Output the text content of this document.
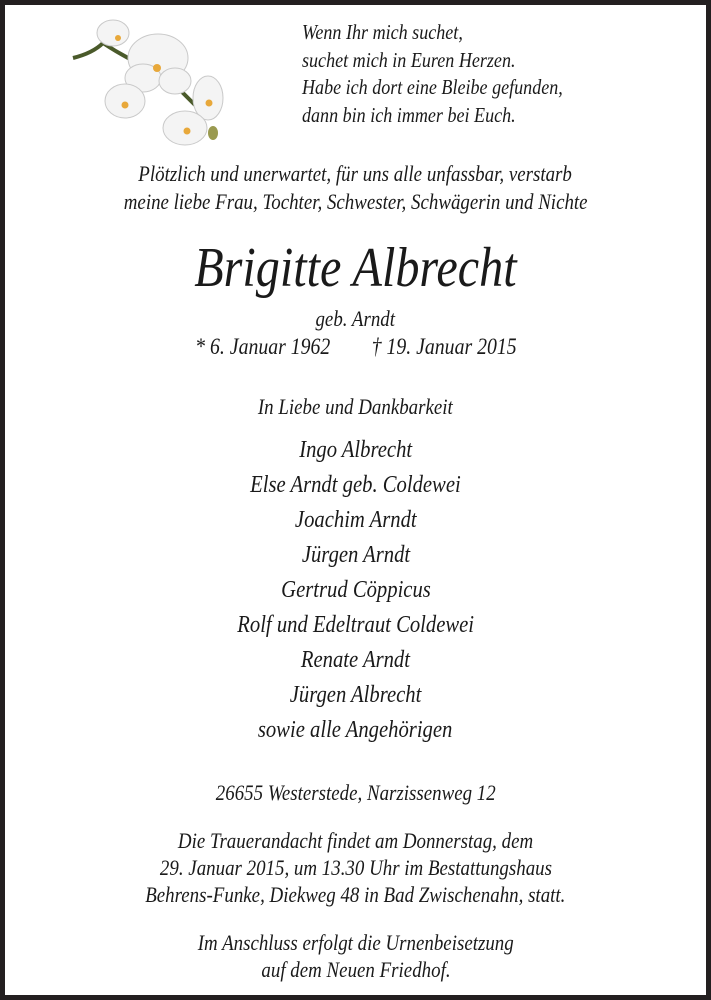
Wenn Ihr mich suchet,
suchet mich in Euren Herzen.
Habe ich dort eine Bleibe gefunden,
dann bin ich immer bei Euch.
Plötzlich und unerwartet, für uns alle unfassbar, verstarb
meine liebe Frau, Tochter, Schwester, Schwägerin und Nichte
Brigitte Albrecht
geb. Arndt
* 6. Januar 1962 † 19. Januar 2015
In Liebe und Dankbarkeit
Ingo Albrecht
Else Arndt geb. Coldewei
Joachim Arndt
Jürgen Arndt
Gertrud Cöppicus
Rolf und Edeltraut Coldewei
Renate Arndt
Jürgen Albrecht
sowie alle Angehörigen
26655 Westerstede, Narzissenweg 12
Die Trauerandacht findet am Donnerstag, dem
29. Januar 2015, um 13.30 Uhr im Bestattungshaus
Behrens-Funke, Diekweg 48 in Bad Zwischenahn, statt.
Im Anschluss erfolgt die Urnenbeisetzung
auf dem Neuen Friedhof.
